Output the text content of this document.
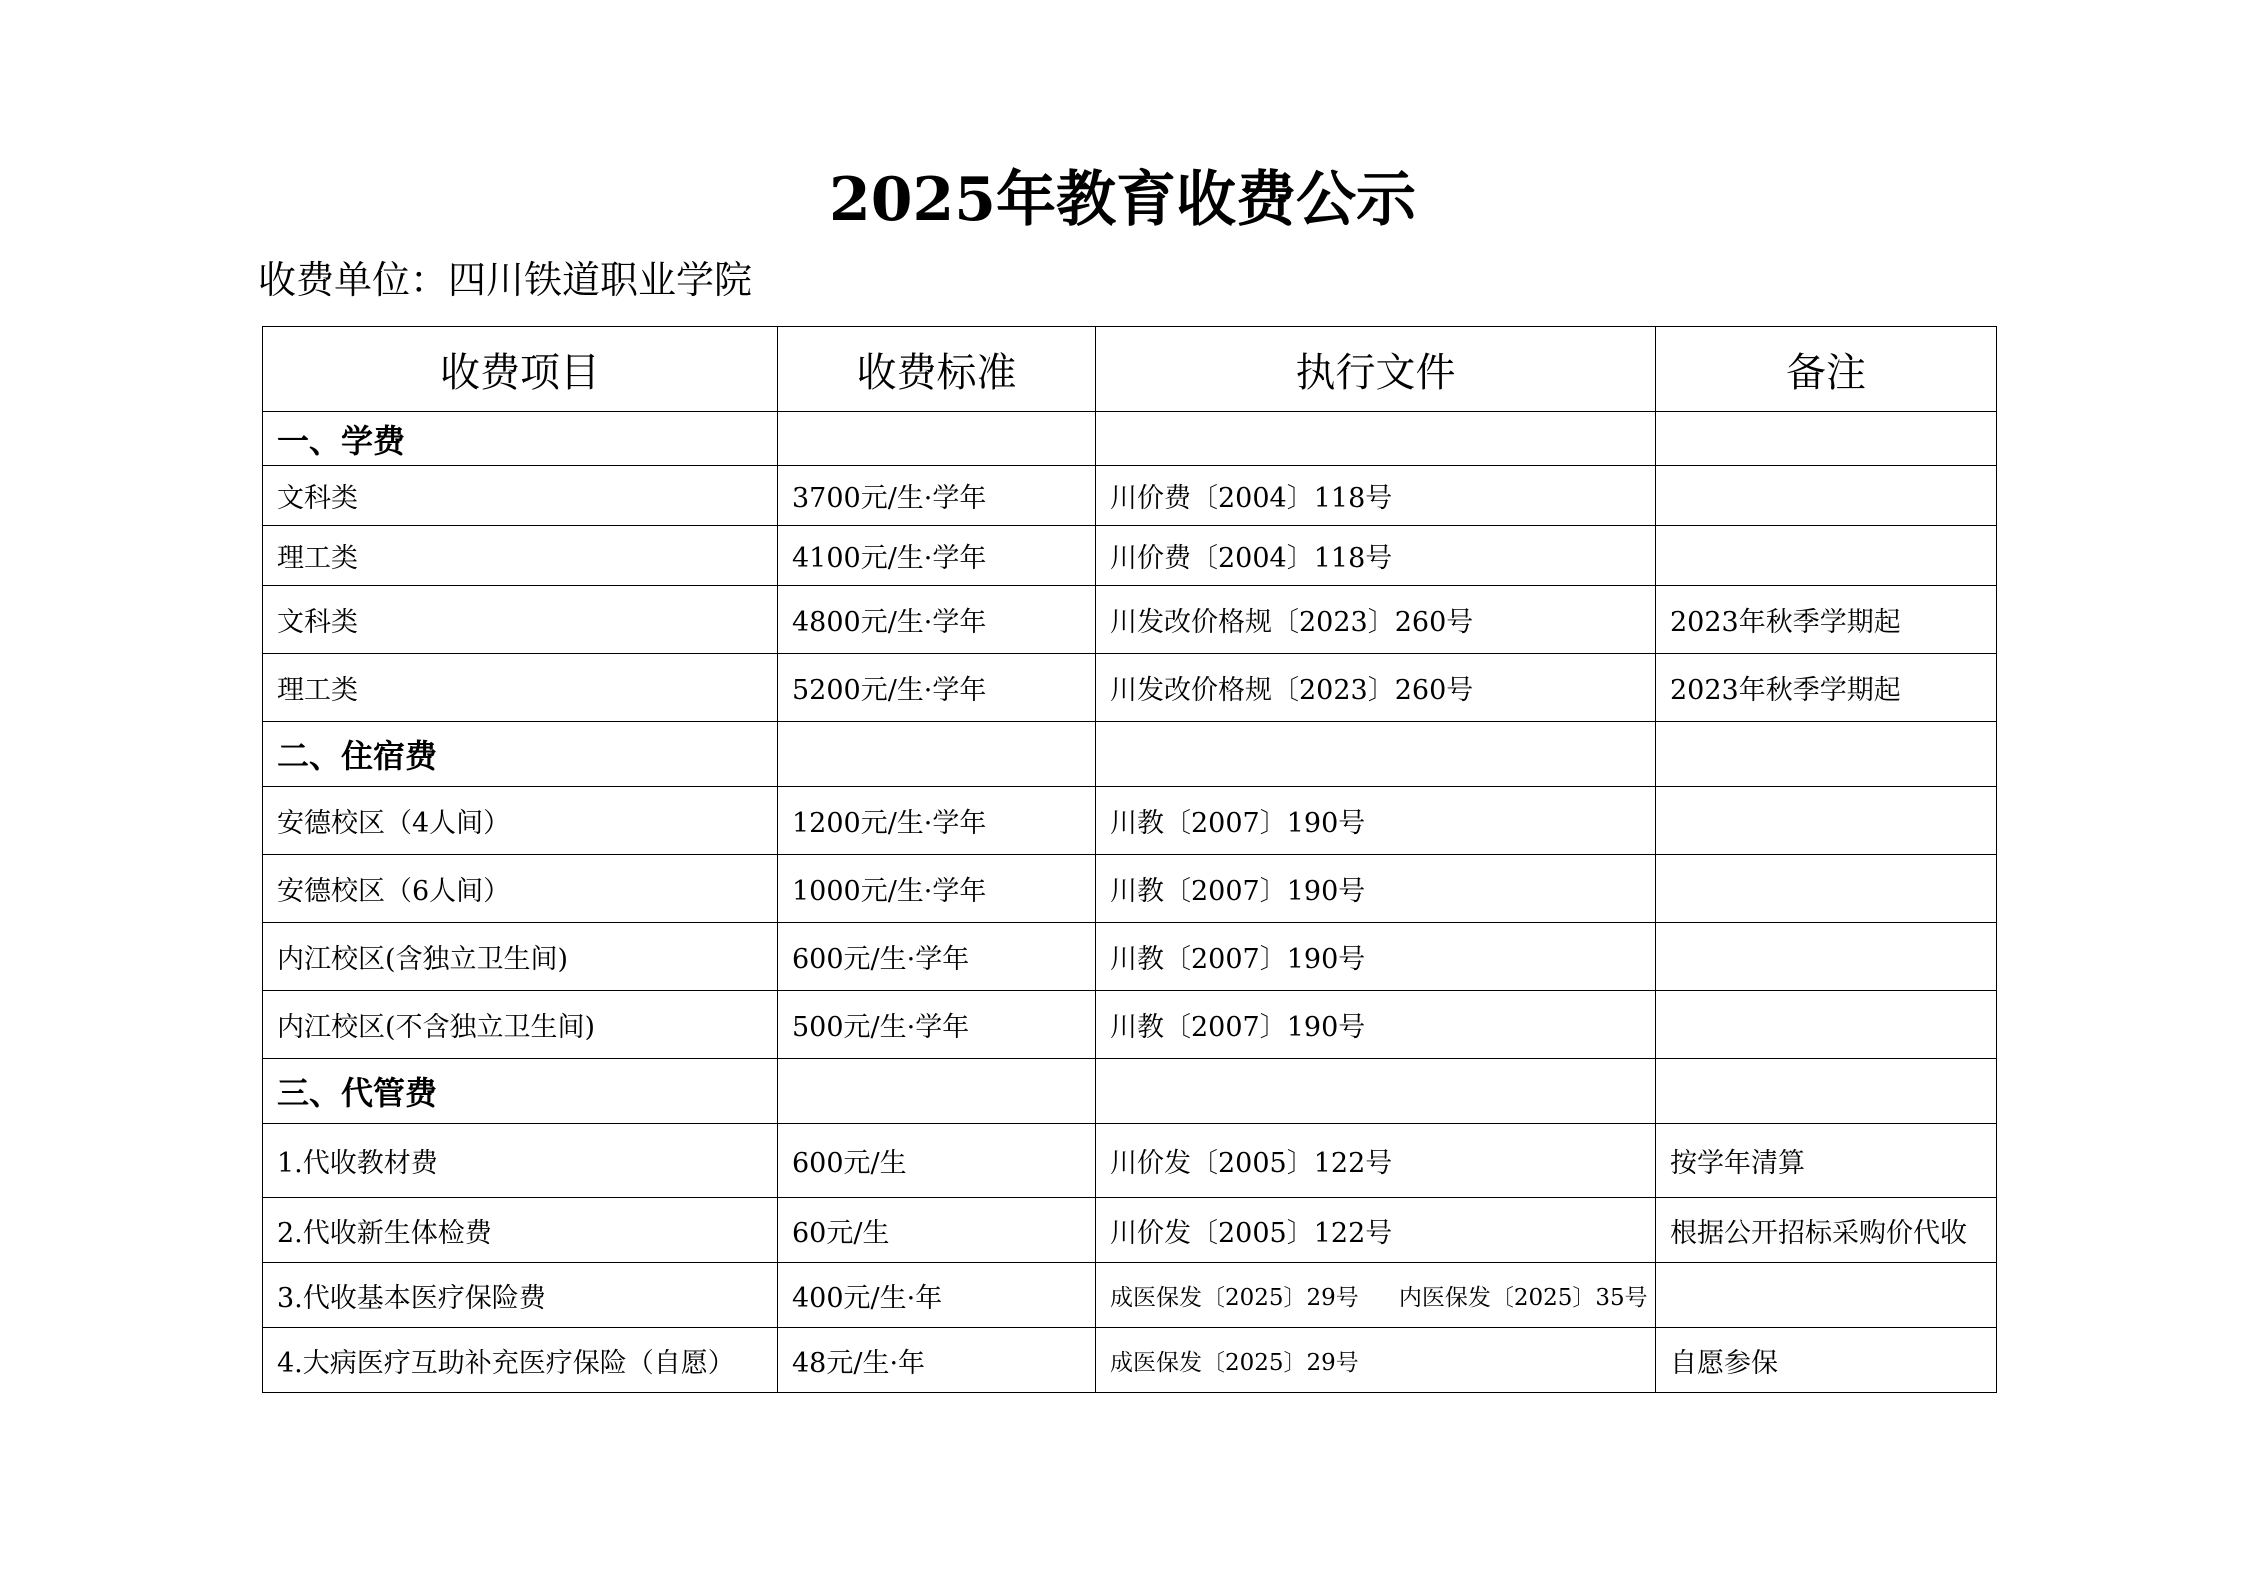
2025年教育收费公示
收费单位：四川铁道职业学院
收费项目	收费标准	执行文件	备注
一、学费			
文科类	3700元/生·学年	川价费〔2004〕118号	
理工类	4100元/生·学年	川价费〔2004〕118号	
文科类	4800元/生·学年	川发改价格规〔2023〕260号	2023年秋季学期起
理工类	5200元/生·学年	川发改价格规〔2023〕260号	2023年秋季学期起
二、住宿费			
安德校区（4人间）	1200元/生·学年	川教〔2007〕190号	
安德校区（6人间）	1000元/生·学年	川教〔2007〕190号	
内江校区(含独立卫生间)	600元/生·学年	川教〔2007〕190号	
内江校区(不含独立卫生间)	500元/生·学年	川教〔2007〕190号	
三、代管费			
1.代收教材费	600元/生	川价发〔2005〕122号	按学年清算
2.代收新生体检费	60元/生	川价发〔2005〕122号	根据公开招标采购价代收
3.代收基本医疗保险费	400元/生·年	成医保发〔2025〕29号 内医保发〔2025〕35号	
4.大病医疗互助补充医疗保险（自愿）	48元/生·年	成医保发〔2025〕29号	自愿参保
